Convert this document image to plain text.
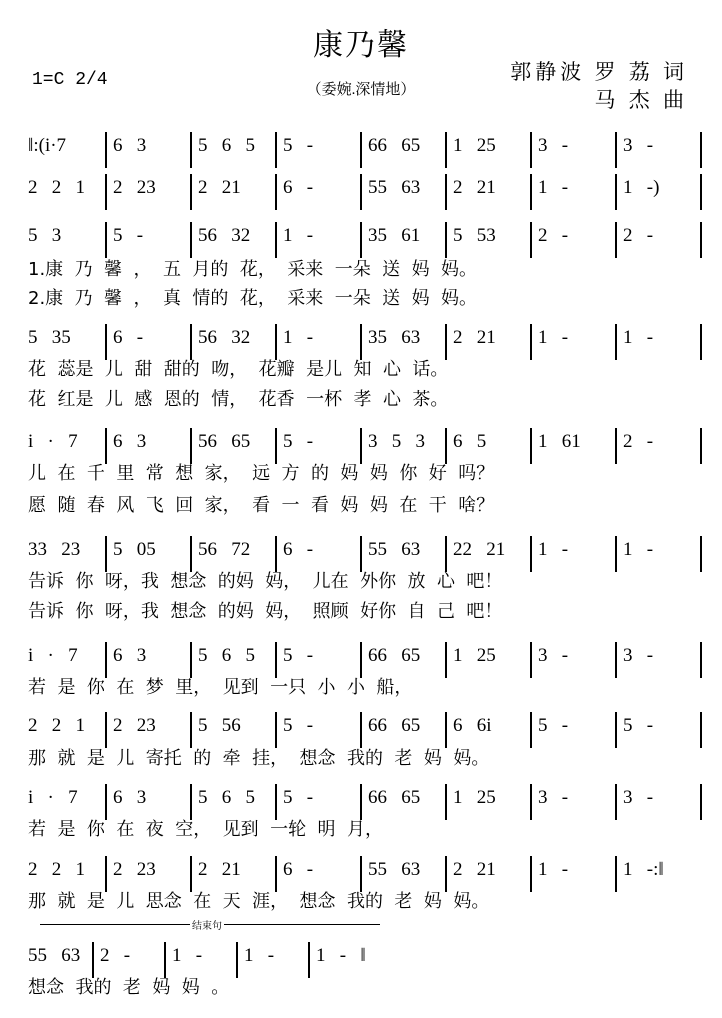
康乃馨
1=C 2/4	（委婉.深情地）
郭静波 罗 荔 词
马 杰 曲
‖:(i·7 6   3	5   6   5 5   -	66   65 1   25 3   -	3   -
2   2   1 2   23 2   21 6   -	55   63 2   21 1   -	1   -)
5   3	5   -	56   32 1   -	35   61 5   53 2   -	2   -
1.康  乃  馨  ，  五  月的  花，  采来  一朵  送  妈  妈。
2.康  乃  馨  ，  真  情的  花，  采来  一朵  送  妈  妈。
5   35 6   -	56   32 1   -	35   63 2   21 1   -	1   -
花  蕊是  儿  甜  甜的  吻，  花瓣  是儿  知  心  话。
花  红是  儿  感  恩的  情，  花香  一杯  孝  心  茶。
i   ·   7 6   3	56   65 5   -	3   5   3 6   5	1   61 2   -
儿  在  千  里  常  想  家，  远  方  的  妈  妈  你  好  吗？
愿  随  春  风  飞  回  家，  看  一  看  妈  妈  在  干  啥？
33   23 5   05 56   72 6   -	55   63 22   21 1   -	1   -
告诉  你  呀，我  想念  的妈  妈，  儿在  外你  放  心  吧！
告诉  你  呀，我  想念  的妈  妈，  照顾  好你  自  己  吧！
i   ·   7 6   3	5   6   5 5   -	66   65 1   25 3   -	3   -
若  是  你  在  梦  里，  见到  一只  小  小  船，
2   2   1 2   23 5   56 5   -	66   65 6   6i 5   -	5   -
那  就  是  儿  寄托  的  牵  挂，  想念  我的  老  妈  妈。
i   ·   7 6   3	5   6   5 5   -	66   65 1   25 3   -	3   -
若  是  你  在  夜  空，  见到  一轮  明  月，
2   2   1 2   23 2   21 6   -	55   63 2   21 1   -	1   -:‖
那  就  是  儿  思念  在  天  涯，  想念  我的  老  妈  妈。
55   63 2   - 1   - 1   - 1   -   ‖
想念  我的  老  妈  妈  。
结束句
